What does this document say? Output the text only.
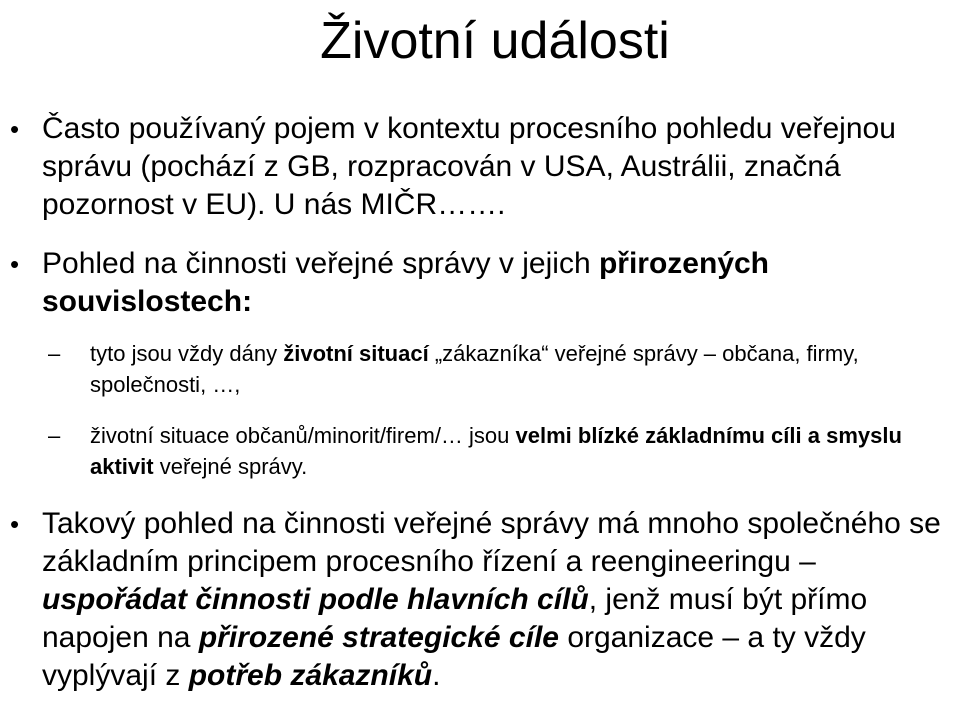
Životní události

• Často používaný pojem v kontextu procesního pohledu veřejnou správu (pochází z GB, rozpracován v USA, Austrálii, značná pozornost v EU). U nás MIČR…….

• Pohled na činnosti veřejné správy v jejich přirozených souvislostech:

– tyto jsou vždy dány životní situací „zákazníka“ veřejné správy – občana, firmy, společnosti, …,

– životní situace občanů/minorit/firem/… jsou velmi blízké základnímu cíli a smyslu aktivit veřejné správy.

• Takový pohled na činnosti veřejné správy má mnoho společného se základním principem procesního řízení a reengineeringu – uspořádat činnosti podle hlavních cílů, jenž musí být přímo napojen na přirozené strategické cíle organizace – a ty vždy vyplývají z potřeb zákazníků.
